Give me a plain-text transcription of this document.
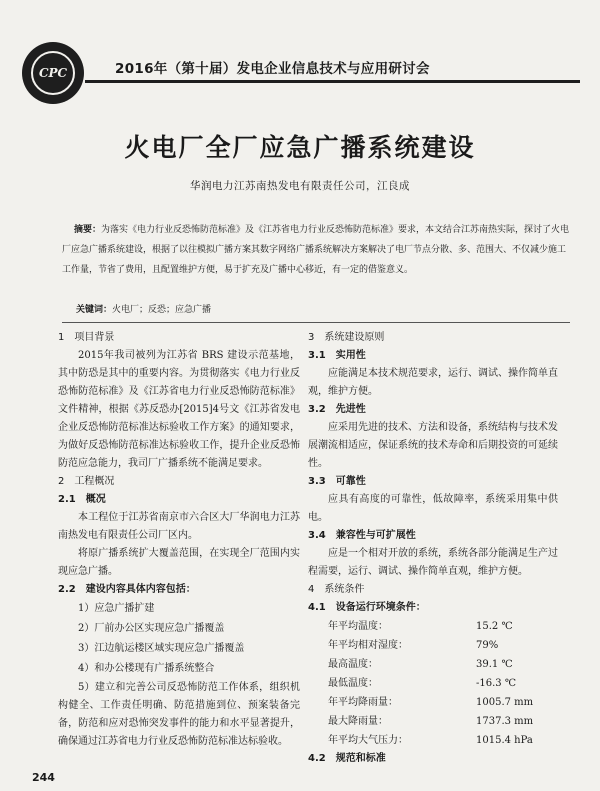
CPC	2016年（第十届）发电企业信息技术与应用研讨会
火电厂全厂应急广播系统建设
华润电力江苏南热发电有限责任公司，江良成
摘要：为落实《电力行业反恐怖防范标准》及《江苏省电力行业反恐怖防范标准》要求，本文结合江苏南热实际，探讨了火电厂应急广播系统建设，根据了以往模拟广播方案其数字网络广播系统解决方案解决了电厂节点分散、多、范围大、不仅减少施工工作量，节省了费用，且配置维护方便，易于扩充及广播中心移近，有一定的借鉴意义。
关键词：火电厂；反恐；应急广播
1　项目背景
2015年我司被列为江苏省 BRS 建设示范基地，其中防恐是其中的重要内容。为贯彻落实《电力行业反恐怖防范标准》及《江苏省电力行业反恐怖防范标准》文件精神，根据《苏反恐办[2015]4号文《江苏省发电企业反恐怖防范标准达标验收工作方案》的通知要求，为做好反恐怖防范标准达标验收工作，提升企业反恐怖防范应急能力，我司厂广播系统不能满足要求。
2　工程概况
2.1　概况
本工程位于江苏省南京市六合区大厂华润电力江苏南热发电有限责任公司厂区内。
将原广播系统扩大覆盖范围，在实现全厂范围内实现应急广播。
2.2　建设内容具体内容包括：
1）应急广播扩建
2）厂前办公区实现应急广播覆盖
3）江边航运楼区域实现应急广播覆盖
4）和办公楼现有广播系统整合
5）建立和完善公司反恐怖防范工作体系，组织机构健全、工作责任明确、防范措施到位、预案装备完备，防范和应对恐怖突发事件的能力和水平显著提升，确保通过江苏省电力行业反恐怖防范标准达标验收。
3　系统建设原则
3.1　实用性
应能满足本技术规范要求，运行、调试、操作简单直观，维护方便。
3.2　先进性
应采用先进的技术、方法和设备，系统结构与技术发展潮流相适应，保证系统的技术寿命和后期投资的可延续性。
3.3　可靠性
应具有高度的可靠性，低故障率，系统采用集中供电。
3.4　兼容性与可扩展性
应是一个相对开放的系统，系统各部分能满足生产过程需要，运行、调试、操作简单直观，维护方便。
4　系统条件
4.1　设备运行环境条件：
年平均温度：	15.2 ℃
年平均相对湿度：	79%
最高温度：	39.1 ℃
最低温度：	-16.3 ℃
年平均降雨量：	1005.7 mm
最大降雨量：	1737.3 mm
年平均大气压力：	1015.4 hPa
4.2　规范和标准
244
